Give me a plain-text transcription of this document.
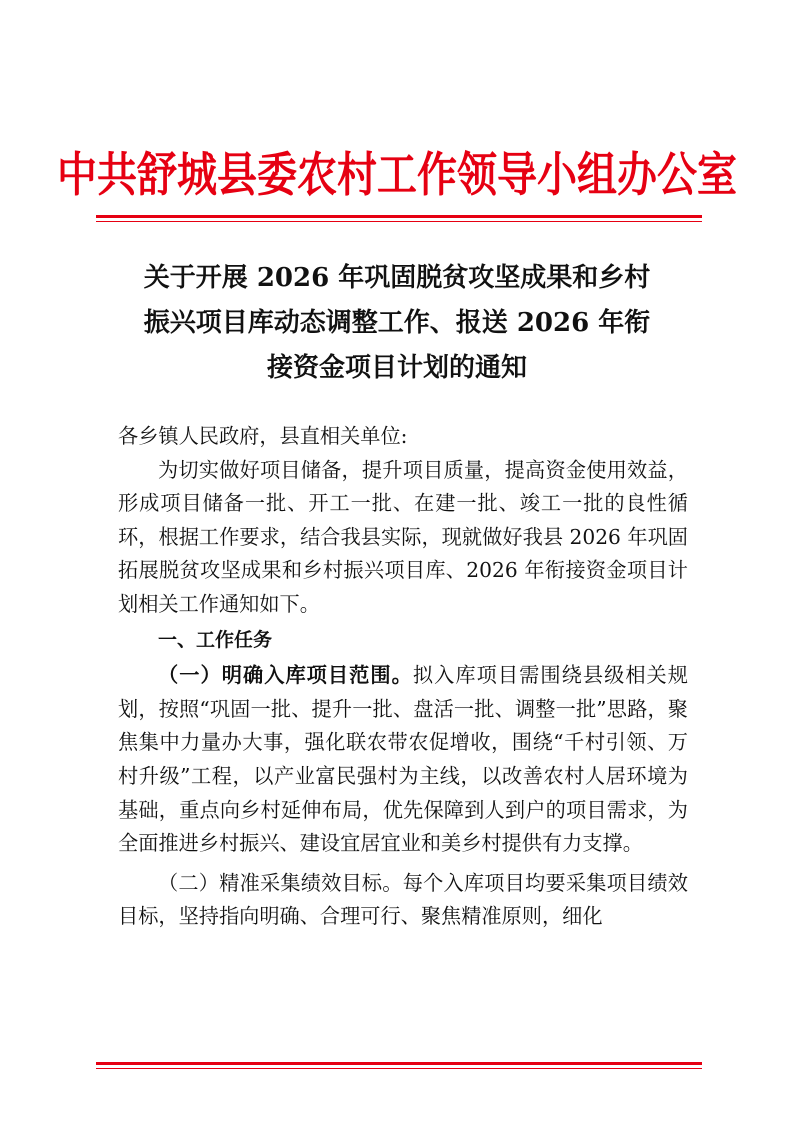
中共舒城县委农村工作领导小组办公室
关于开展 2026 年巩固脱贫攻坚成果和乡村
振兴项目库动态调整工作、报送 2026 年衔
接资金项目计划的通知

各乡镇人民政府，县直相关单位:

为切实做好项目储备，提升项目质量，提高资金使用效益，形成项目储备一批、开工一批、在建一批、竣工一批的良性循环，根据工作要求，结合我县实际，现就做好我县 2026 年巩固拓展脱贫攻坚成果和乡村振兴项目库、2026 年衔接资金项目计划相关工作通知如下。

一、工作任务

（一）明确入库项目范围。拟入库项目需围绕县级相关规划，按照“巩固一批、提升一批、盘活一批、调整一批”思路，聚焦集中力量办大事，强化联农带农促增收，围绕“千村引领、万村升级”工程，以产业富民强村为主线，以改善农村人居环境为基础，重点向乡村延伸布局，优先保障到人到户的项目需求，为全面推进乡村振兴、建设宜居宜业和美乡村提供有力支撑。

（二）精准采集绩效目标。每个入库项目均要采集项目绩效目标，坚持指向明确、合理可行、聚焦精准原则，细化
